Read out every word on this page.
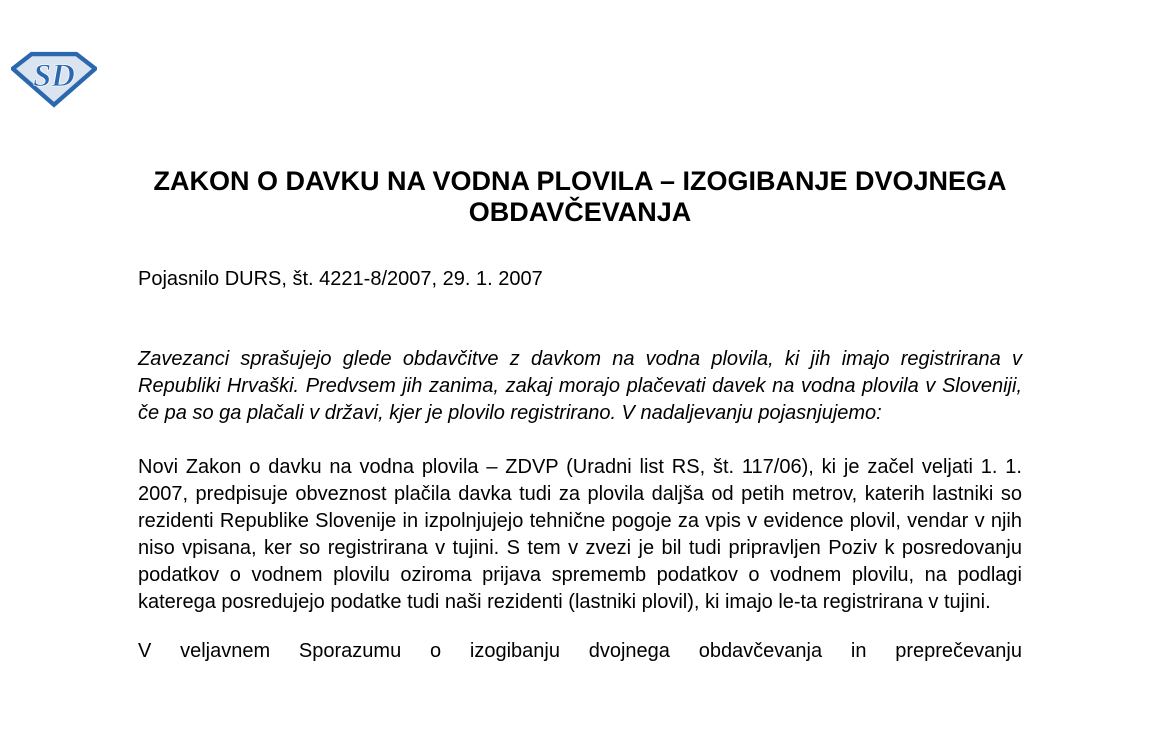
SD
ZAKON O DAVKU NA VODNA PLOVILA – IZOGIBANJE DVOJNEGA OBDAVČEVANJA

Pojasnilo DURS, št. 4221-8/2007, 29. 1. 2007

Zavezanci sprašujejo glede obdavčitve z davkom na vodna plovila, ki jih imajo registrirana v Republiki Hrvaški. Predvsem jih zanima, zakaj morajo plačevati davek na vodna plovila v Sloveniji, če pa so ga plačali v državi, kjer je plovilo registrirano. V nadaljevanju pojasnjujemo:

Novi Zakon o davku na vodna plovila – ZDVP (Uradni list RS, št. 117/06), ki je začel veljati 1. 1. 2007, predpisuje obveznost plačila davka tudi za plovila daljša od petih metrov, katerih lastniki so rezidenti Republike Slovenije in izpolnjujejo tehnične pogoje za vpis v evidence plovil, vendar v njih niso vpisana, ker so registrirana v tujini. S tem v zvezi je bil tudi pripravljen Poziv k posredovanju podatkov o vodnem plovilu oziroma prijava sprememb podatkov o vodnem plovilu, na podlagi katerega posredujejo podatke tudi naši rezidenti (lastniki plovil), ki imajo le-ta registrirana v tujini.

V veljavnem Sporazumu o izogibanju dvojnega obdavčevanja in preprečevanju
